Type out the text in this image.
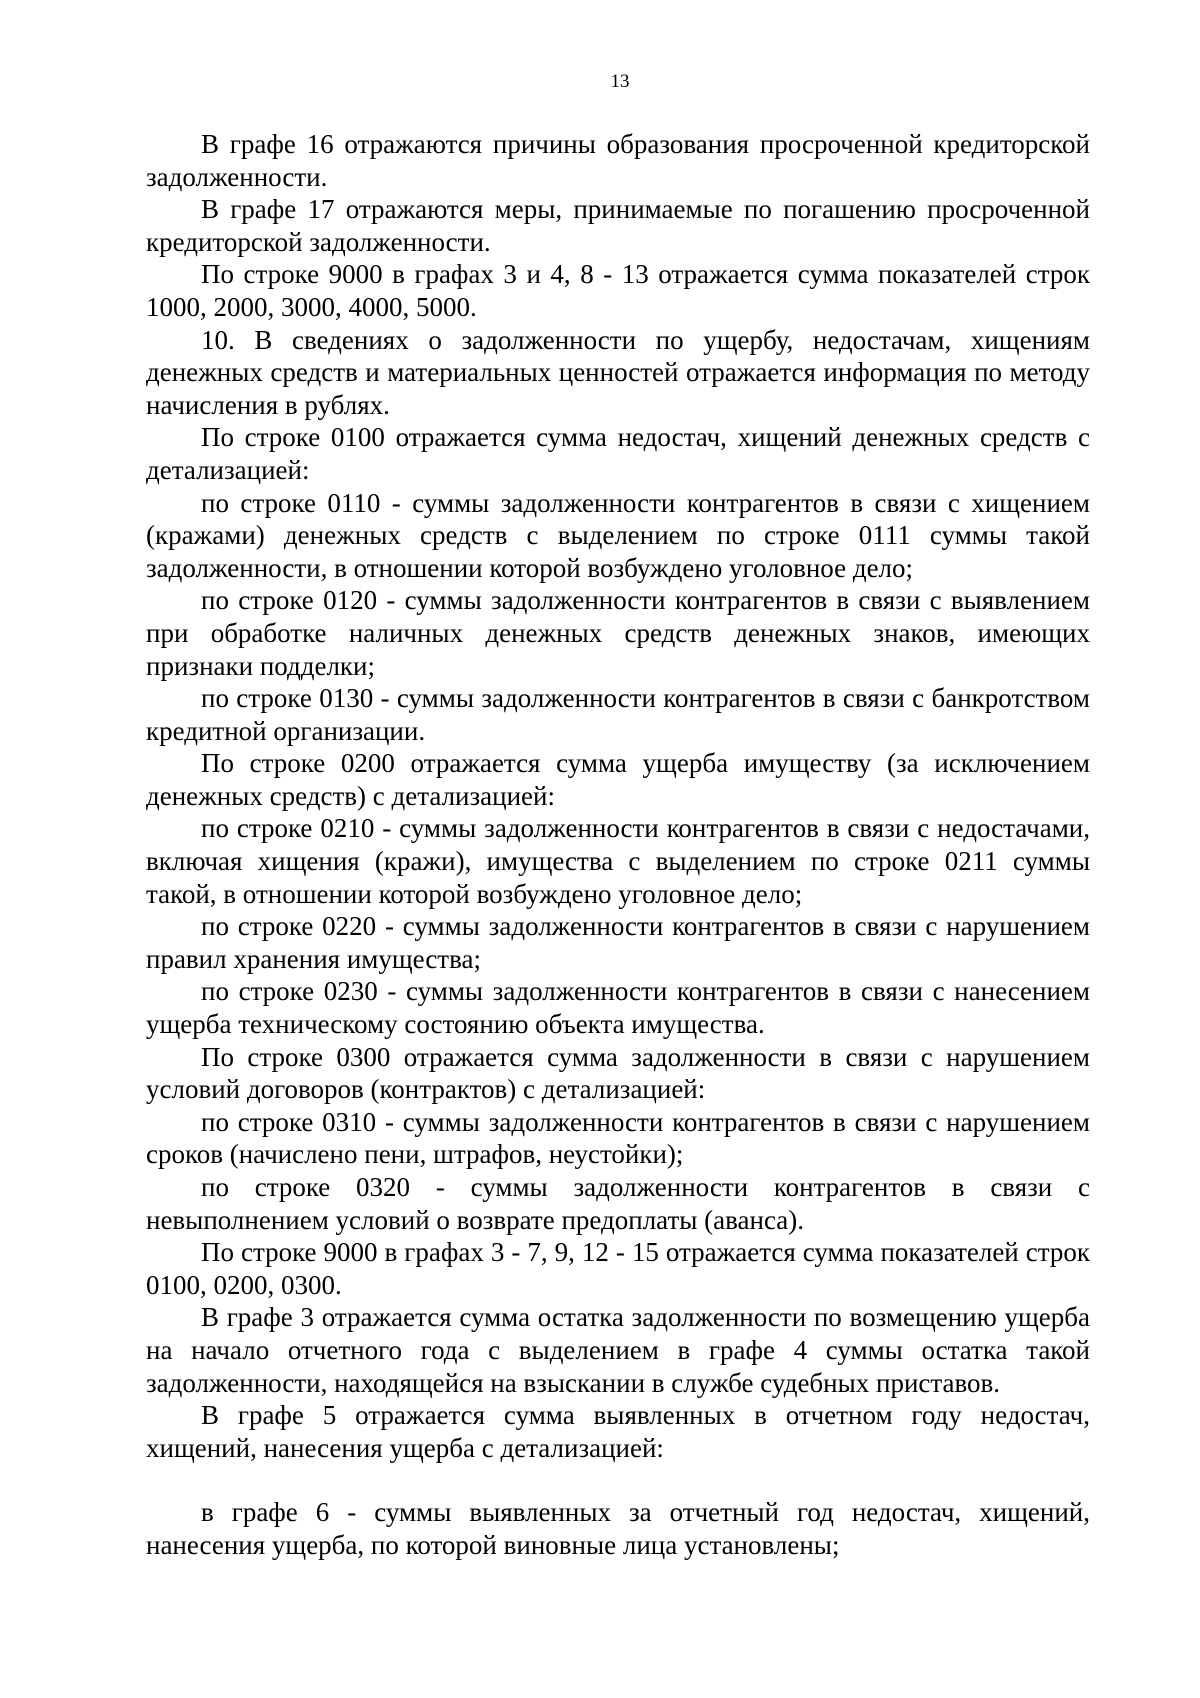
13

В графе 16 отражаются причины образования просроченной кредиторской задолженности.

В графе 17 отражаются меры, принимаемые по погашению просроченной кредиторской задолженности.

По строке 9000 в графах 3 и 4, 8 - 13 отражается сумма показателей строк 1000, 2000, 3000, 4000, 5000.

10. В сведениях о задолженности по ущербу, недостачам, хищениям денежных средств и материальных ценностей отражается информация по методу начисления в рублях.

По строке 0100 отражается сумма недостач, хищений денежных средств с детализацией:

по строке 0110 - суммы задолженности контрагентов в связи с хищением (кражами) денежных средств с выделением по строке 0111 суммы такой задолженности, в отношении которой возбуждено уголовное дело;

по строке 0120 - суммы задолженности контрагентов в связи с выявлением при обработке наличных денежных средств денежных знаков, имеющих признаки подделки;

по строке 0130 - суммы задолженности контрагентов в связи с банкротством кредитной организации.

По строке 0200 отражается сумма ущерба имуществу (за исключением денежных средств) с детализацией:

по строке 0210 - суммы задолженности контрагентов в связи с недостачами, включая хищения (кражи), имущества с выделением по строке 0211 суммы такой, в отношении которой возбуждено уголовное дело;

по строке 0220 - суммы задолженности контрагентов в связи с нарушением правил хранения имущества;

по строке 0230 - суммы задолженности контрагентов в связи с нанесением ущерба техническому состоянию объекта имущества.

По строке 0300 отражается сумма задолженности в связи с нарушением условий договоров (контрактов) с детализацией:

по строке 0310 - суммы задолженности контрагентов в связи с нарушением сроков (начислено пени, штрафов, неустойки);

по строке 0320 - суммы задолженности контрагентов в связи с невыполнением условий о возврате предоплаты (аванса).

По строке 9000 в графах 3 - 7, 9, 12 - 15 отражается сумма показателей строк 0100, 0200, 0300.

В графе 3 отражается сумма остатка задолженности по возмещению ущерба на начало отчетного года с выделением в графе 4 суммы остатка такой задолженности, находящейся на взыскании в службе судебных приставов.

В графе 5 отражается сумма выявленных в отчетном году недостач, хищений, нанесения ущерба с детализацией:

в графе 6 - суммы выявленных за отчетный год недостач, хищений, нанесения ущерба, по которой виновные лица установлены;
